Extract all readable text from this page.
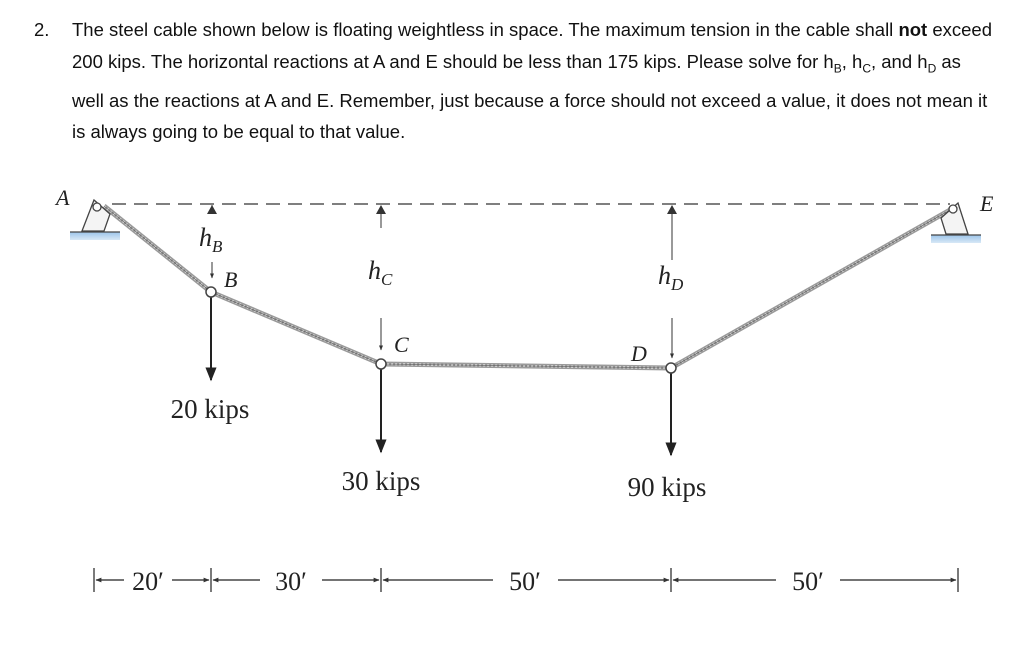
2. The steel cable shown below is floating weightless in space. The maximum tension in the cable shall not exceed 200 kips. The horizontal reactions at A and E should be less than 175 kips. Please solve for $h_B$, $h_C$, and $h_D$ as well as the reactions at A and E. Remember, just because a force should not exceed a value, it does not mean it is always going to be equal to that value.
A	E
$h_B$
B	$h_C$
C
$h_D$
D
20 kips
30 kips	90 kips
20′	30′	50′	50′
